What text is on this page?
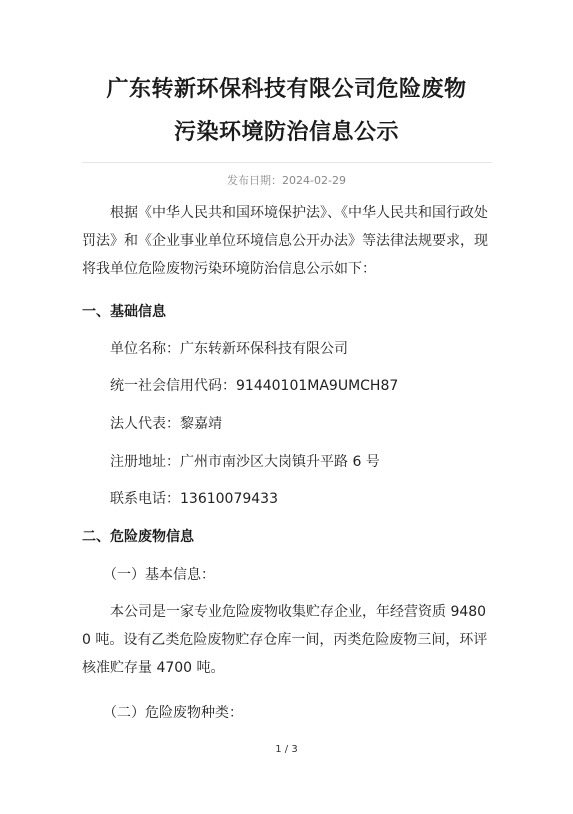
广东转新环保科技有限公司危险废物
污染环境防治信息公示
发布日期：2024-02-29
根据《中华人民共和国环境保护法》、《中华人民共和国行政处罚法》和《企业事业单位环境信息公开办法》等法律法规要求，现将我单位危险废物污染环境防治信息公示如下：
一、基础信息
单位名称：广东转新环保科技有限公司
统一社会信用代码：91440101MA9UMCH87
法人代表：黎嘉靖
注册地址：广州市南沙区大岗镇升平路 6 号
联系电话：13610079433
二、危险废物信息
（一）基本信息：
本公司是一家专业危险废物收集贮存企业，年经营资质 94800 吨。设有乙类危险废物贮存仓库一间，丙类危险废物三间，环评核准贮存量 4700 吨。
（二）危险废物种类：
1 / 3
